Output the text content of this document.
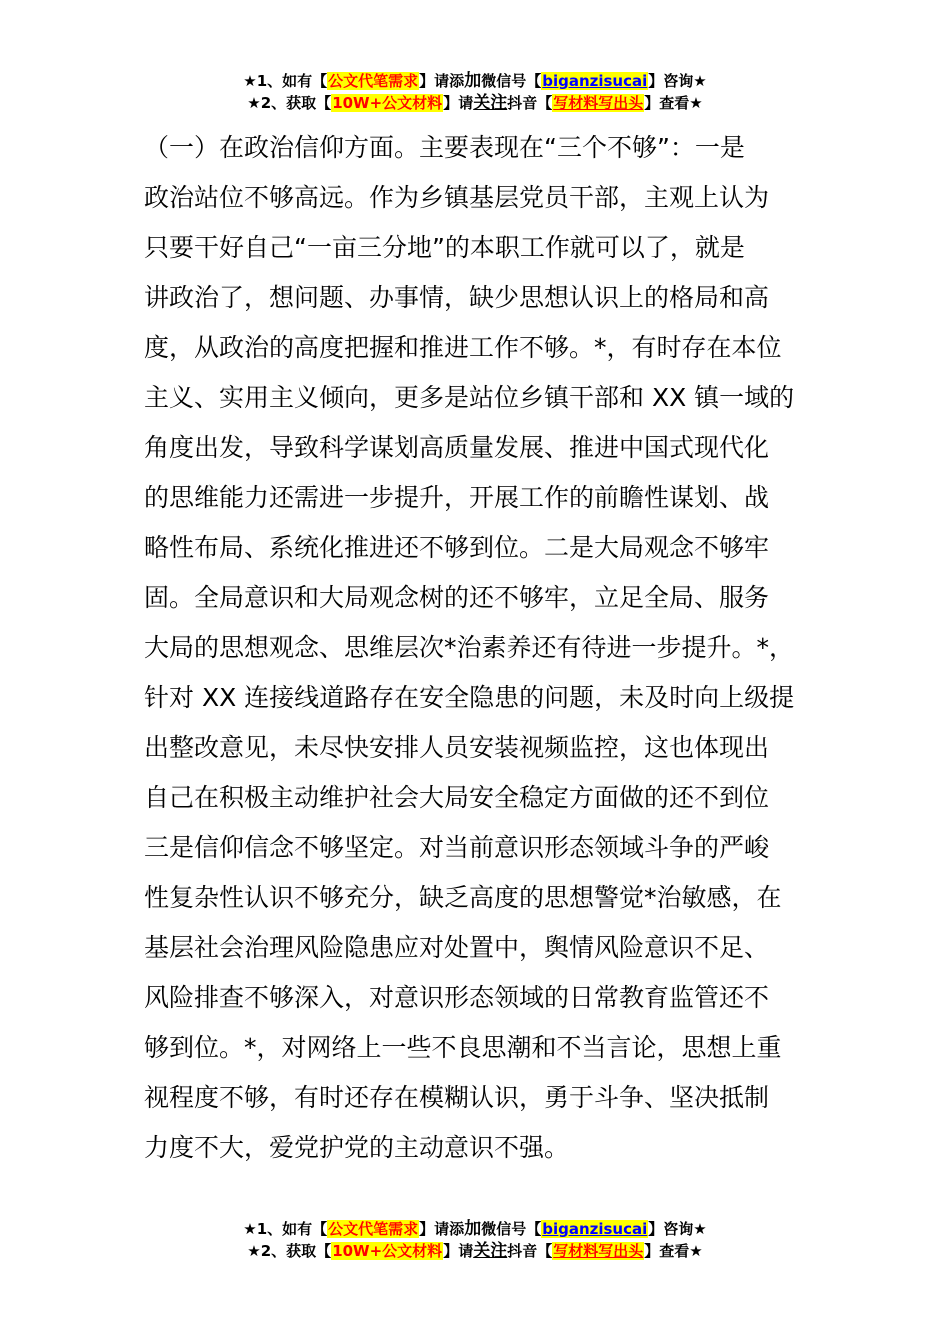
★1、如有【公文代笔需求】请添加微信号【biganzisucai】咨询★
★2、获取【10W+公文材料】请关注抖音【写材料写出头】查看★
（一）在政治信仰方面。主要表现在“三个不够”：一是
政治站位不够高远。作为乡镇基层党员干部，主观上认为
只要干好自己“一亩三分地”的本职工作就可以了，就是
讲政治了，想问题、办事情，缺少思想认识上的格局和高
度，从政治的高度把握和推进工作不够。*，有时存在本位
主义、实用主义倾向，更多是站位乡镇干部和 XX 镇一域的
角度出发，导致科学谋划高质量发展、推进中国式现代化
的思维能力还需进一步提升，开展工作的前瞻性谋划、战
略性布局、系统化推进还不够到位。二是大局观念不够牢
固。全局意识和大局观念树的还不够牢，立足全局、服务
大局的思想观念、思维层次*治素养还有待进一步提升。*，
针对 XX 连接线道路存在安全隐患的问题，未及时向上级提
出整改意见，未尽快安排人员安装视频监控，这也体现出
自己在积极主动维护社会大局安全稳定方面做的还不到位
三是信仰信念不够坚定。对当前意识形态领域斗争的严峻
性复杂性认识不够充分，缺乏高度的思想警觉*治敏感，在
基层社会治理风险隐患应对处置中，舆情风险意识不足、
风险排查不够深入，对意识形态领域的日常教育监管还不
够到位。*，对网络上一些不良思潮和不当言论，思想上重
视程度不够，有时还存在模糊认识，勇于斗争、坚决抵制
力度不大，爱党护党的主动意识不强。
★1、如有【公文代笔需求】请添加微信号【biganzisucai】咨询★
★2、获取【10W+公文材料】请关注抖音【写材料写出头】查看★
